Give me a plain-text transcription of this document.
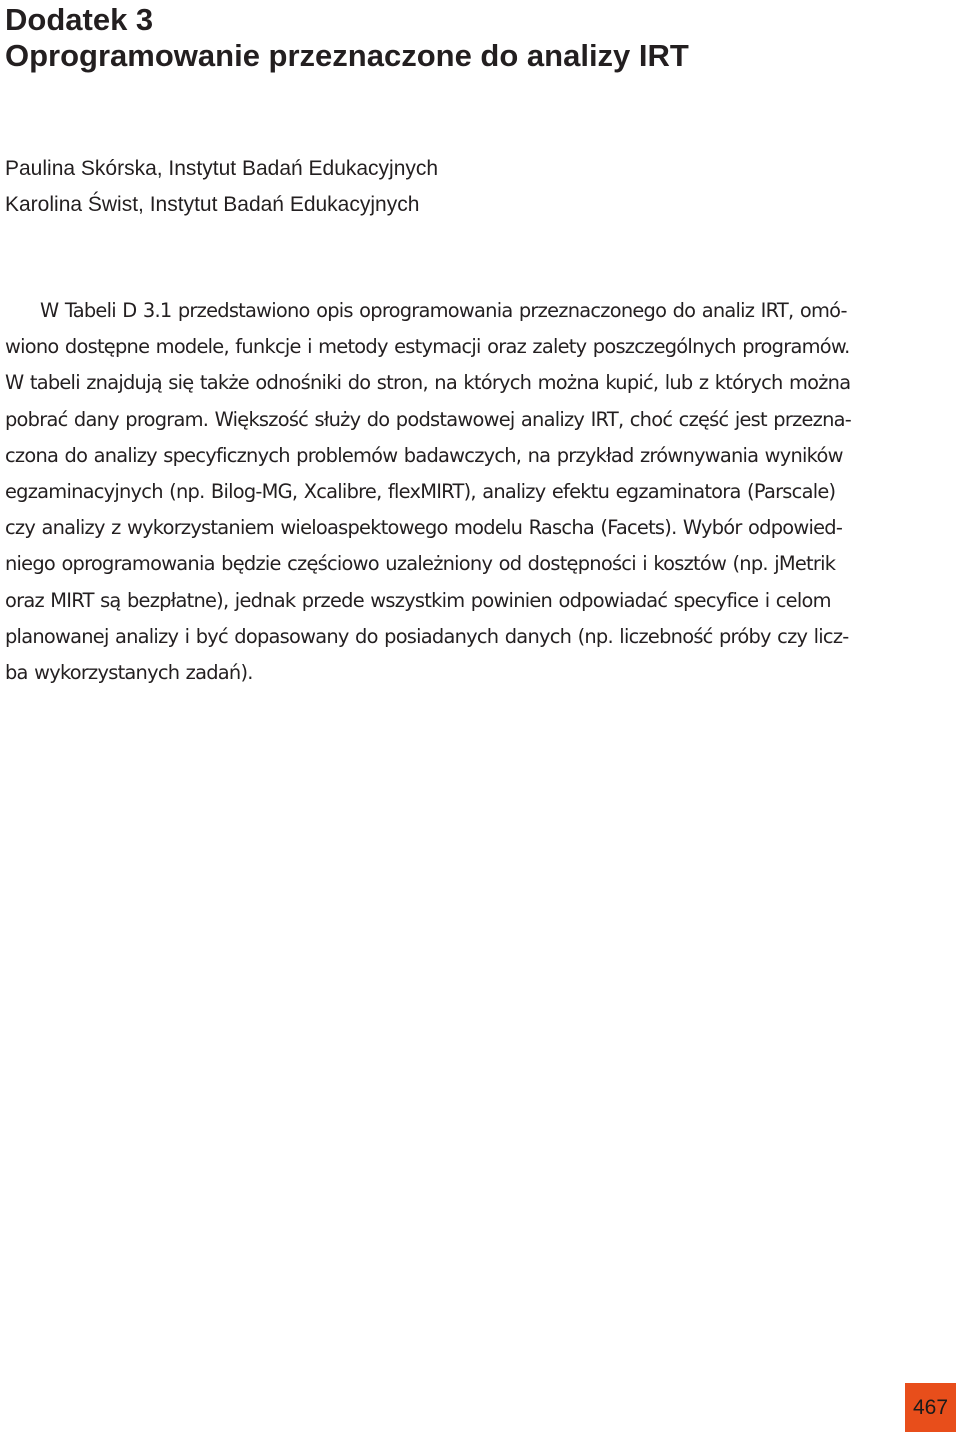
Dodatek 3
Oprogramowanie przeznaczone do analizy IRT
Paulina Skórska, Instytut Badań Edukacyjnych
Karolina Świst, Instytut Badań Edukacyjnych
W Tabeli D 3.1 przedstawiono opis oprogramowania przeznaczonego do analiz IRT, omó-
wiono dostępne modele, funkcje i metody estymacji oraz zalety poszczególnych programów.
W tabeli znajdują się także odnośniki do stron, na których można kupić, lub z których można
pobrać dany program. Większość służy do podstawowej analizy IRT, choć część jest przezna-
czona do analizy specyficznych problemów badawczych, na przykład zrównywania wyników
egzaminacyjnych (np. Bilog-MG, Xcalibre, flexMIRT), analizy efektu egzaminatora (Parscale)
czy analizy z wykorzystaniem wieloaspektowego modelu Rascha (Facets). Wybór odpowied-
niego oprogramowania będzie częściowo uzależniony od dostępności i kosztów (np. jMetrik
oraz MIRT są bezpłatne), jednak przede wszystkim powinien odpowiadać specyfice i celom
planowanej analizy i być dopasowany do posiadanych danych (np. liczebność próby czy licz-
ba wykorzystanych zadań).
467
